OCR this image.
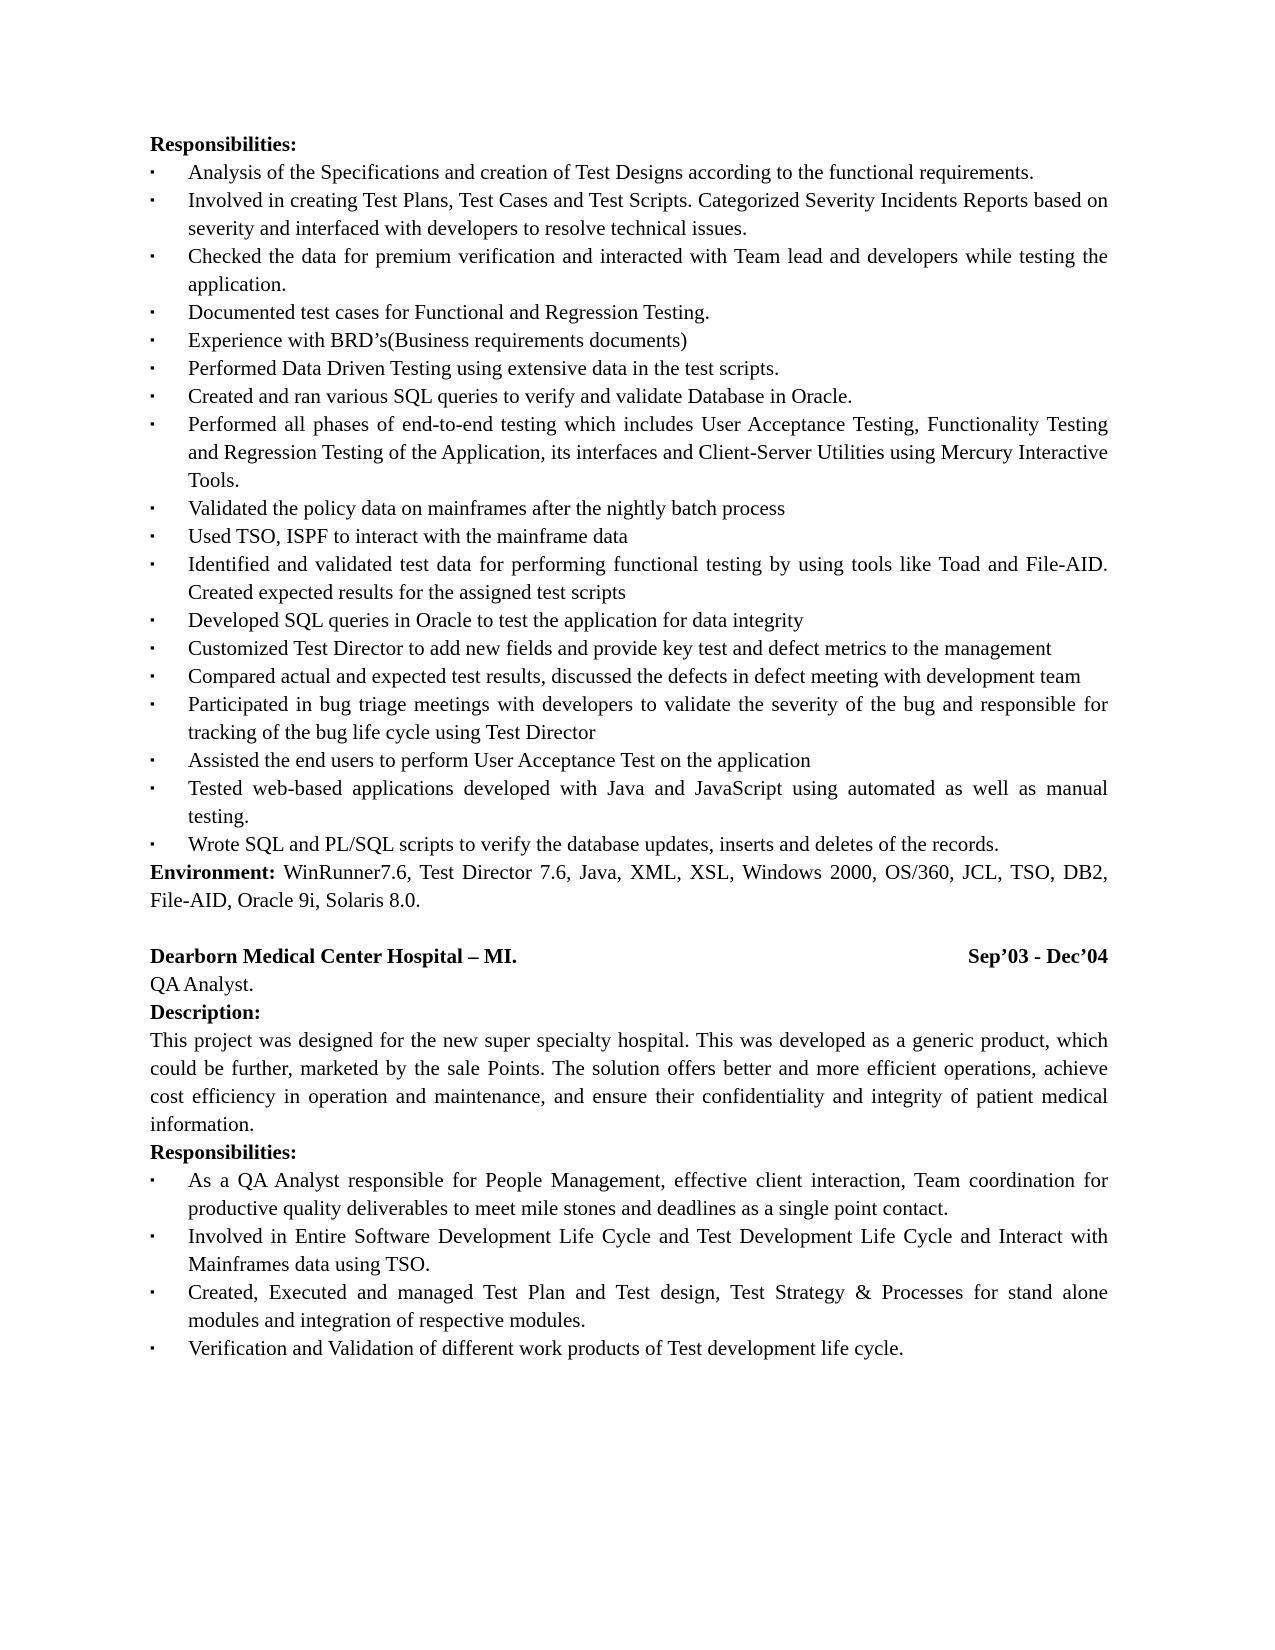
Responsibilities:

▪ Analysis of the Specifications and creation of Test Designs according to the functional requirements.
▪ Involved in creating Test Plans, Test Cases and Test Scripts. Categorized Severity Incidents Reports based on severity and interfaced with developers to resolve technical issues.
▪ Checked the data for premium verification and interacted with Team lead and developers while testing the application.
▪ Documented test cases for Functional and Regression Testing.
▪ Experience with BRD’s(Business requirements documents)
▪ Performed Data Driven Testing using extensive data in the test scripts.
▪ Created and ran various SQL queries to verify and validate Database in Oracle.
▪ Performed all phases of end-to-end testing which includes User Acceptance Testing, Functionality Testing and Regression Testing of the Application, its interfaces and Client-Server Utilities using Mercury Interactive Tools.
▪ Validated the policy data on mainframes after the nightly batch process
▪ Used TSO, ISPF to interact with the mainframe data
▪ Identified and validated test data for performing functional testing by using tools like Toad and File-AID. Created expected results for the assigned test scripts
▪ Developed SQL queries in Oracle to test the application for data integrity
▪ Customized Test Director to add new fields and provide key test and defect metrics to the management
▪ Compared actual and expected test results, discussed the defects in defect meeting with development team
▪ Participated in bug triage meetings with developers to validate the severity of the bug and responsible for tracking of the bug life cycle using Test Director
▪ Assisted the end users to perform User Acceptance Test on the application
▪ Tested web-based applications developed with Java and JavaScript using automated as well as manual testing.
▪ Wrote SQL and PL/SQL scripts to verify the database updates, inserts and deletes of the records.

Environment: WinRunner7.6, Test Director 7.6, Java, XML, XSL, Windows 2000, OS/360, JCL, TSO, DB2, File-AID, Oracle 9i, Solaris 8.0.

Dearborn Medical Center Hospital – MI.	Sep’03 - Dec’04

QA Analyst.

Description:

This project was designed for the new super specialty hospital. This was developed as a generic product, which could be further, marketed by the sale Points. The solution offers better and more efficient operations, achieve cost efficiency in operation and maintenance, and ensure their confidentiality and integrity of patient medical information.

Responsibilities:

▪ As a QA Analyst responsible for People Management, effective client interaction, Team coordination for productive quality deliverables to meet mile stones and deadlines as a single point contact.
▪ Involved in Entire Software Development Life Cycle and Test Development Life Cycle and Interact with Mainframes data using TSO.
▪ Created, Executed and managed Test Plan and Test design, Test Strategy & Processes for stand alone modules and integration of respective modules.
▪ Verification and Validation of different work products of Test development life cycle.
